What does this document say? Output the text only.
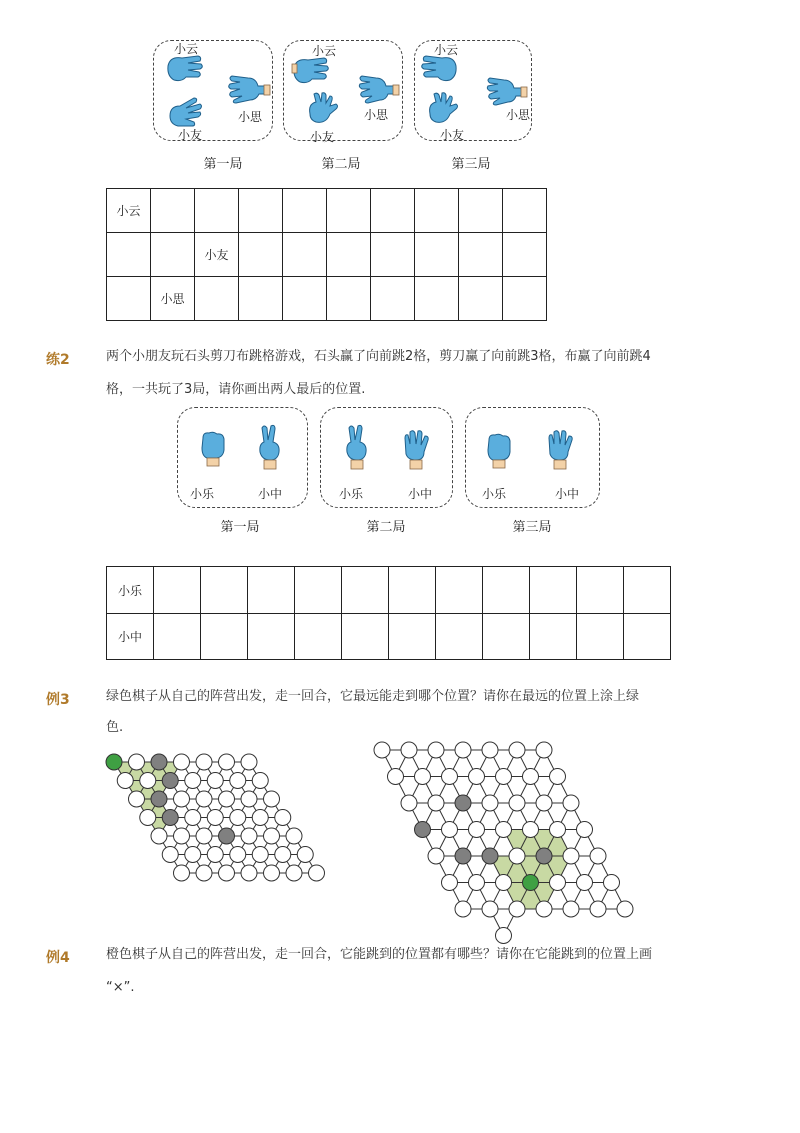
小云
小思
小友
小云
小思
小友
小云
小思
小友
第一局	第二局	第三局
小云									
		小友							
	小思								
练2	两个小朋友玩石头剪刀布跳格游戏，石头赢了向前跳2格，剪刀赢了向前跳3格，布赢了向前跳4
格，一共玩了3局，请你画出两人最后的位置.
小乐	小中	小乐	小中	小乐	小中
第一局	第二局	第三局
小乐											
小中											
例3	绿色棋子从自己的阵营出发，走一回合，它最远能走到哪个位置？请你在最远的位置上涂上绿
色.
例4	橙色棋子从自己的阵营出发，走一回合，它能跳到的位置都有哪些？请你在它能跳到的位置上画
“×”.
